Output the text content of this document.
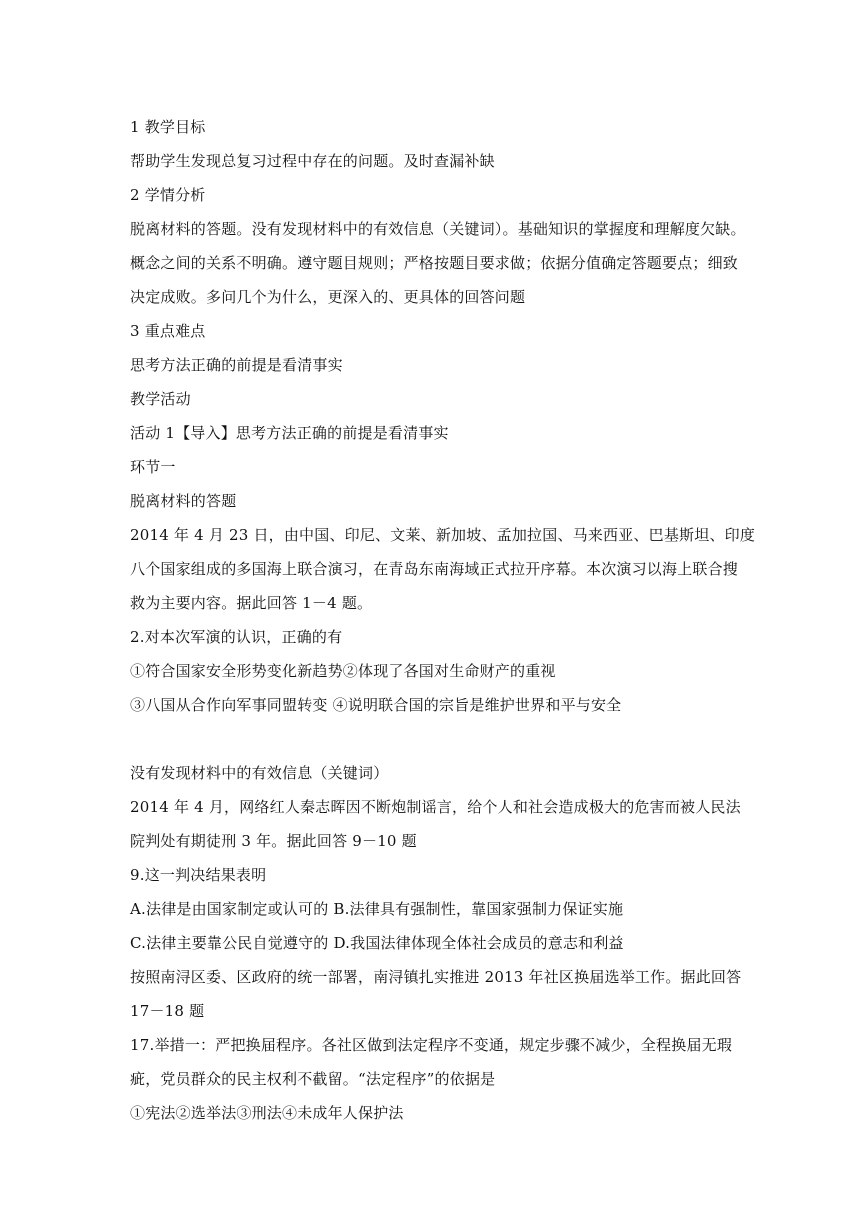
1 教学目标
帮助学生发现总复习过程中存在的问题。及时查漏补缺
2 学情分析
脱离材料的答题。没有发现材料中的有效信息（关键词）。基础知识的掌握度和理解度欠缺。
概念之间的关系不明确。遵守题目规则；严格按题目要求做；依据分值确定答题要点；细致
决定成败。多问几个为什么，更深入的、更具体的回答问题
3 重点难点
思考方法正确的前提是看清事实
教学活动
活动 1【导入】思考方法正确的前提是看清事实
环节一
脱离材料的答题
2014 年 4 月 23 日，由中国、印尼、文莱、新加坡、孟加拉国、马来西亚、巴基斯坦、印度
八个国家组成的多国海上联合演习，在青岛东南海域正式拉开序幕。本次演习以海上联合搜
救为主要内容。据此回答 1－4 题。
2.对本次军演的认识，正确的有
①符合国家安全形势变化新趋势②体现了各国对生命财产的重视
③八国从合作向军事同盟转变 ④说明联合国的宗旨是维护世界和平与安全
没有发现材料中的有效信息（关键词）
2014 年 4 月，网络红人秦志晖因不断炮制谣言，给个人和社会造成极大的危害而被人民法
院判处有期徒刑 3 年。据此回答 9－10 题
9.这一判决结果表明
A.法律是由国家制定或认可的 B.法律具有强制性，靠国家强制力保证实施
C.法律主要靠公民自觉遵守的 D.我国法律体现全体社会成员的意志和利益
按照南浔区委、区政府的统一部署，南浔镇扎实推进 2013 年社区换届选举工作。据此回答
17－18 题
17.举措一：严把换届程序。各社区做到法定程序不变通，规定步骤不减少，全程换届无瑕
疵，党员群众的民主权利不截留。“法定程序”的依据是
①宪法②选举法③刑法④未成年人保护法
